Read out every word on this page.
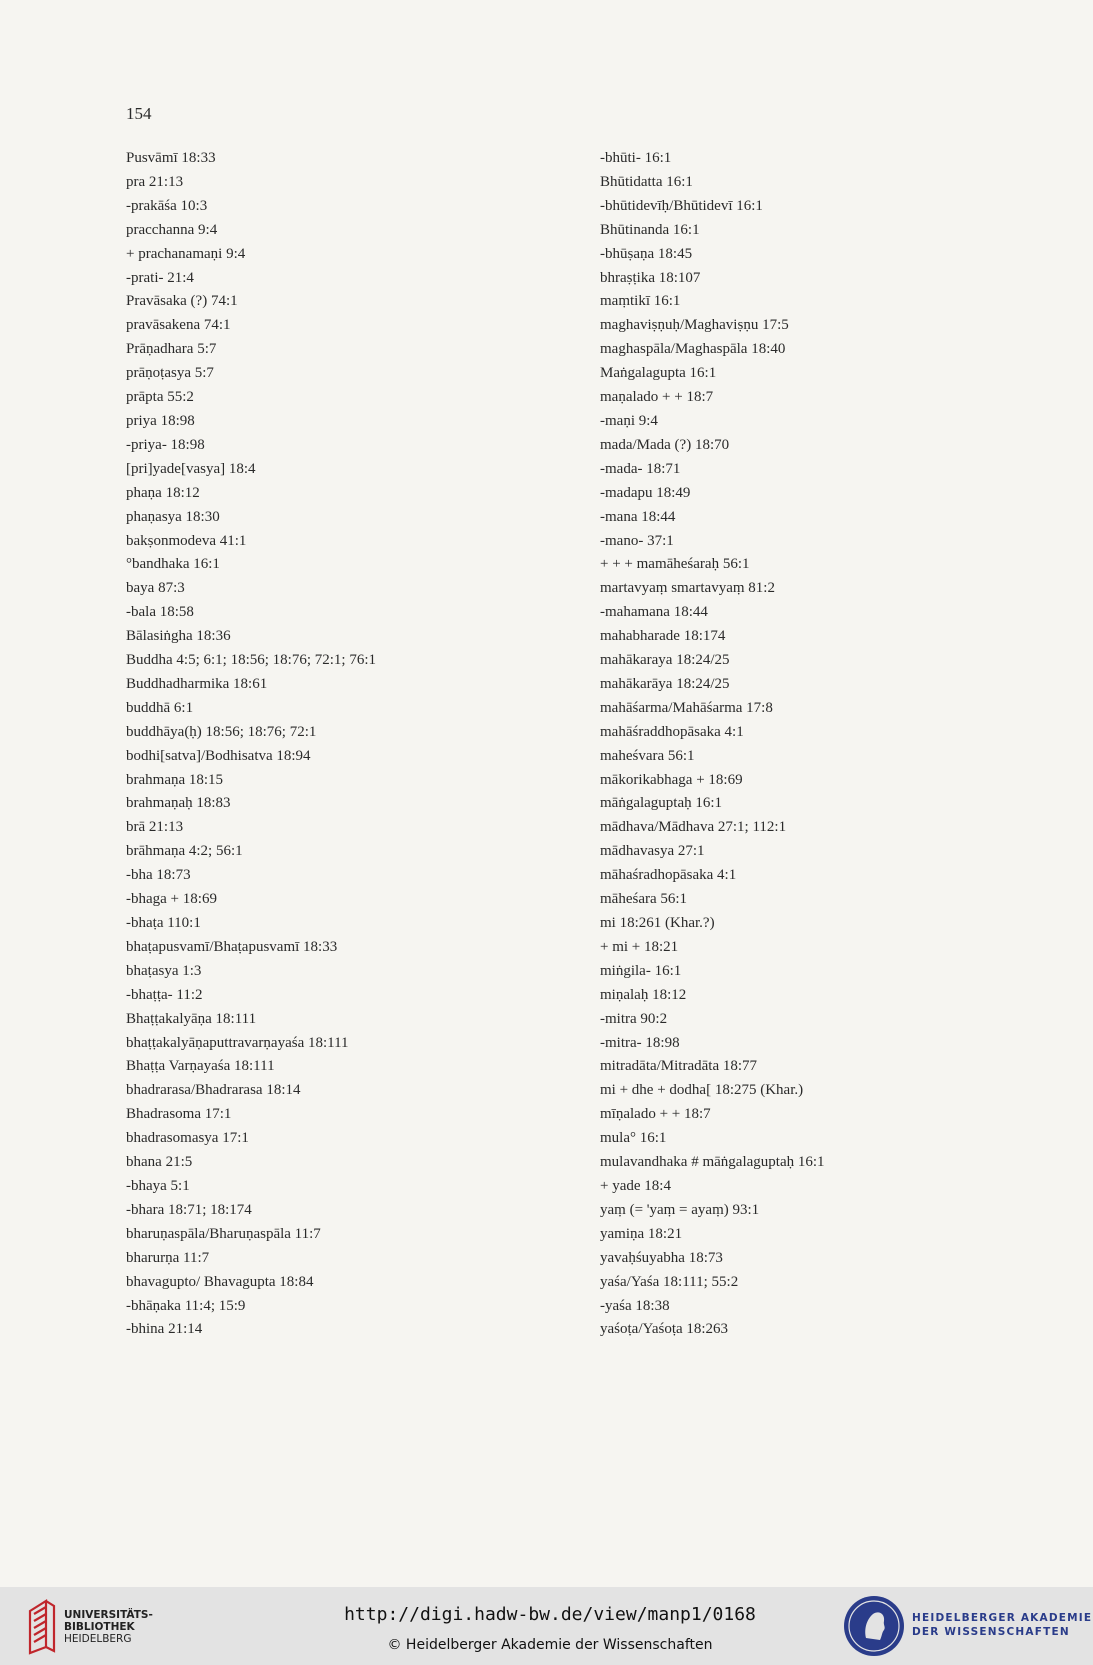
154
Pusvāmī 18:33
pra 21:13
-prakāśa 10:3
pracchanna 9:4
+ prachanamaṇi 9:4
-prati- 21:4
Pravāsaka (?) 74:1
pravāsakena 74:1
Prāṇadhara 5:7
prāṇoṭasya 5:7
prāpta 55:2
priya 18:98
-priya- 18:98
[pri]yade[vasya] 18:4
phaṇa 18:12
phaṇasya 18:30
bakṣonmodeva 41:1
°bandhaka 16:1
baya 87:3
-bala 18:58
Bālasiṅgha 18:36
Buddha 4:5; 6:1; 18:56; 18:76; 72:1; 76:1
Buddhadharmika 18:61
buddhā 6:1
buddhāya(ḥ) 18:56; 18:76; 72:1
bodhi[satva]/Bodhisatva 18:94
brahmaṇa 18:15
brahmaṇaḥ 18:83
brā 21:13
brāhmaṇa 4:2; 56:1
-bha 18:73
-bhaga + 18:69
-bhaṭa 110:1
bhaṭapusvamī/Bhaṭapusvamī 18:33
bhaṭasya 1:3
-bhaṭṭa- 11:2
Bhaṭṭakalyāṇa 18:111
bhaṭṭakalyāṇaputtravarṇayaśa 18:111
Bhaṭṭa Varṇayaśa 18:111
bhadrarasa/Bhadrarasa 18:14
Bhadrasoma 17:1
bhadrasomasya 17:1
bhana 21:5
-bhaya 5:1
-bhara 18:71; 18:174
bharuṇaspāla/Bharuṇaspāla 11:7
bharurṇa 11:7
bhavagupto/ Bhavagupta 18:84
-bhāṇaka 11:4; 15:9
-bhina 21:14
-bhūti- 16:1
Bhūtidatta 16:1
-bhūtidevīḥ/Bhūtidevī 16:1
Bhūtinanda 16:1
-bhūṣaṇa 18:45
bhraṣṭika 18:107
maṃtikī 16:1
maghaviṣṇuḥ/Maghaviṣṇu 17:5
maghaspāla/Maghaspāla 18:40
Maṅgalagupta 16:1
maṇalado + + 18:7
-maṇi 9:4
mada/Mada (?) 18:70
-mada- 18:71
-madapu 18:49
-mana 18:44
-mano- 37:1
+ + + mamāheśaraḥ 56:1
martavyaṃ smartavyaṃ 81:2
-mahamana 18:44
mahabharade 18:174
mahākaraya 18:24/25
mahākarāya 18:24/25
mahāśarma/Mahāśarma 17:8
mahāśraddhopāsaka 4:1
maheśvara 56:1
mākorikabhaga + 18:69
māṅgalaguptaḥ 16:1
mādhava/Mādhava 27:1; 112:1
mādhavasya 27:1
māhaśradhopāsaka 4:1
māheśara 56:1
mi 18:261 (Khar.?)
+ mi + 18:21
miṅgila- 16:1
miṇalaḥ 18:12
-mitra 90:2
-mitra- 18:98
mitradāta/Mitradāta 18:77
mi + dhe + dodha[ 18:275 (Khar.)
mīṇalado + + 18:7
mula° 16:1
mulavandhaka # māṅgalaguptaḥ 16:1
+ yade 18:4
yaṃ (= 'yaṃ = ayaṃ) 93:1
yamiṇa 18:21
yavaḥśuyabha 18:73
yaśa/Yaśa 18:111; 55:2
-yaśa 18:38
yaśoṭa/Yaśoṭa 18:263
UNIVERSITÄTS-
BIBLIOTHEK
HEIDELBERG
http://digi.hadw-bw.de/view/manp1/0168
© Heidelberger Akademie der Wissenschaften
HEIDELBERGER AKADEMIE
DER WISSENSCHAFTEN
